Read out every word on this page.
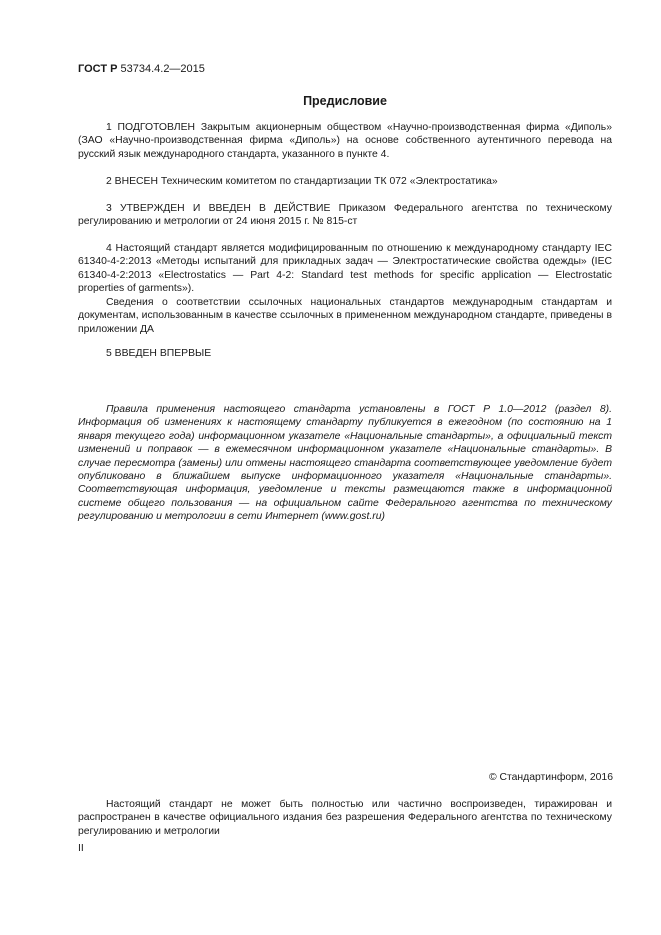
ГОСТ Р 53734.4.2—2015
Предисловие

1 ПОДГОТОВЛЕН Закрытым акционерным обществом «Научно-производственная фирма «Диполь» (ЗАО «Научно-производственная фирма «Диполь») на основе собственного аутентичного перевода на русский язык международного стандарта, указанного в пункте 4.

2 ВНЕСЕН Техническим комитетом по стандартизации ТК 072 «Электростатика»

3 УТВЕРЖДЕН И ВВЕДЕН В ДЕЙСТВИЕ Приказом Федерального агентства по техническому регулированию и метрологии от 24 июня 2015 г. № 815-ст

4 Настоящий стандарт является модифицированным по отношению к международному стандарту IEC 61340-4-2:2013 «Методы испытаний для прикладных задач — Электростатические свойства одежды» (IEC 61340-4-2:2013 «Electrostatics — Part 4-2: Standard test methods for specific application — Electrostatic properties of garments»).

Сведения о соответствии ссылочных национальных стандартов международным стандартам и документам, использованным в качестве ссылочных в примененном международном стандарте, приведены в приложении ДА

5 ВВЕДЕН ВПЕРВЫЕ

Правила применения настоящего стандарта установлены в ГОСТ Р 1.0—2012 (раздел 8). Информация об изменениях к настоящему стандарту публикуется в ежегодном (по состоянию на 1 января текущего года) информационном указателе «Национальные стандарты», а официальный текст изменений и поправок — в ежемесячном информационном указателе «Национальные стандарты». В случае пересмотра (замены) или отмены настоящего стандарта соответствующее уведомление будет опубликовано в ближайшем выпуске информационного указателя «Национальные стандарты». Соответствующая информация, уведомление и тексты размещаются также в информационной системе общего пользования — на официальном сайте Федерального агентства по техническому регулированию и метрологии в сети Интернет (www.gost.ru)

© Стандартинформ, 2016

Настоящий стандарт не может быть полностью или частично воспроизведен, тиражирован и распространен в качестве официального издания без разрешения Федерального агентства по техническому регулированию и метрологии

II
